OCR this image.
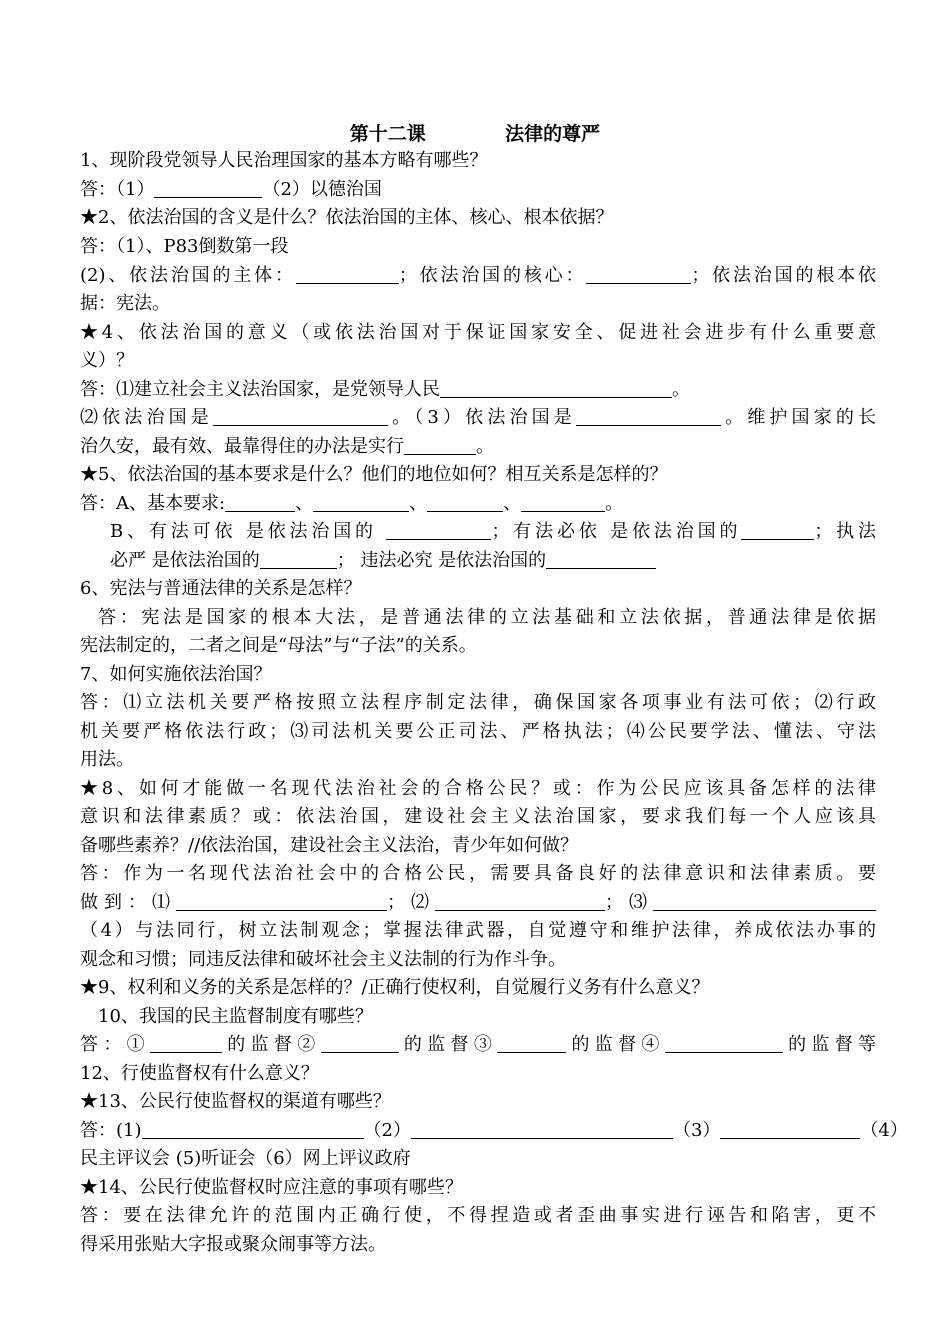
第十二课            法律的尊严
1、现阶段党领导人民治理国家的基本方略有哪些？
答：（1）	（2）以德治国
★2、依法治国的含义是什么？依法治国的主体、核心、根本依据？
答：（1）、P83倒数第一段
(2)、依法治国的主体：	；依法治国的核心：	；依法治国的根本依
据：宪法。
★4、依法治国的意义（或依法治国对于保证国家安全、促进社会进步有什么重要意
义）？
答：⑴建立社会主义法治国家，是党领导人民	。
⑵依法治国是	。（3）依法治国是	。维护国家的长
治久安，最有效、最靠得住的办法是实行	。
★5、依法治国的基本要求是什么？他们的地位如何？相互关系是怎样的？
答：A、基本要求:	、	、	、	。
B、有法可依 是依法治国的	；有法必依 是依法治国的	；执法
必严 是依法治国的	； 违法必究 是依法治国的
6、宪法与普通法律的关系是怎样？
答：宪法是国家的根本大法，是普通法律的立法基础和立法依据，普通法律是依据
宪法制定的，二者之间是“母法”与“子法”的关系。
7、如何实施依法治国？
答：⑴立法机关要严格按照立法程序制定法律，确保国家各项事业有法可依；⑵行政
机关要严格依法行政；⑶司法机关要公正司法、严格执法；⑷公民要学法、懂法、守法
用法。
★8、如何才能做一名现代法治社会的合格公民？或：作为公民应该具备怎样的法律
意识和法律素质？或：依法治国，建设社会主义法治国家，要求我们每一个人应该具
备哪些素养？//依法治国，建设社会主义法治，青少年如何做？
答：作为一名现代法治社会中的合格公民，需要具备良好的法律意识和法律素质。要
做到：⑴	；⑵	；⑶
（4）与法同行，树立法制观念；掌握法律武器，自觉遵守和维护法律，养成依法办事的
观念和习惯；同违反法律和破坏社会主义法制的行为作斗争。
★9、权利和义务的关系是怎样的？/正确行使权利，自觉履行义务有什么意义？
10、我国的民主监督制度有哪些？
答：①	的监督②	的监督③	的监督④	的监督等
12、行使监督权有什么意义？
★13、公民行使监督权的渠道有哪些？
答：(1)	（2）	（3）	（4）
民主评议会 (5)听证会（6）网上评议政府
★14、公民行使监督权时应注意的事项有哪些？
答：要在法律允许的范围内正确行使，不得捏造或者歪曲事实进行诬告和陷害，更不
得采用张贴大字报或聚众闹事等方法。
